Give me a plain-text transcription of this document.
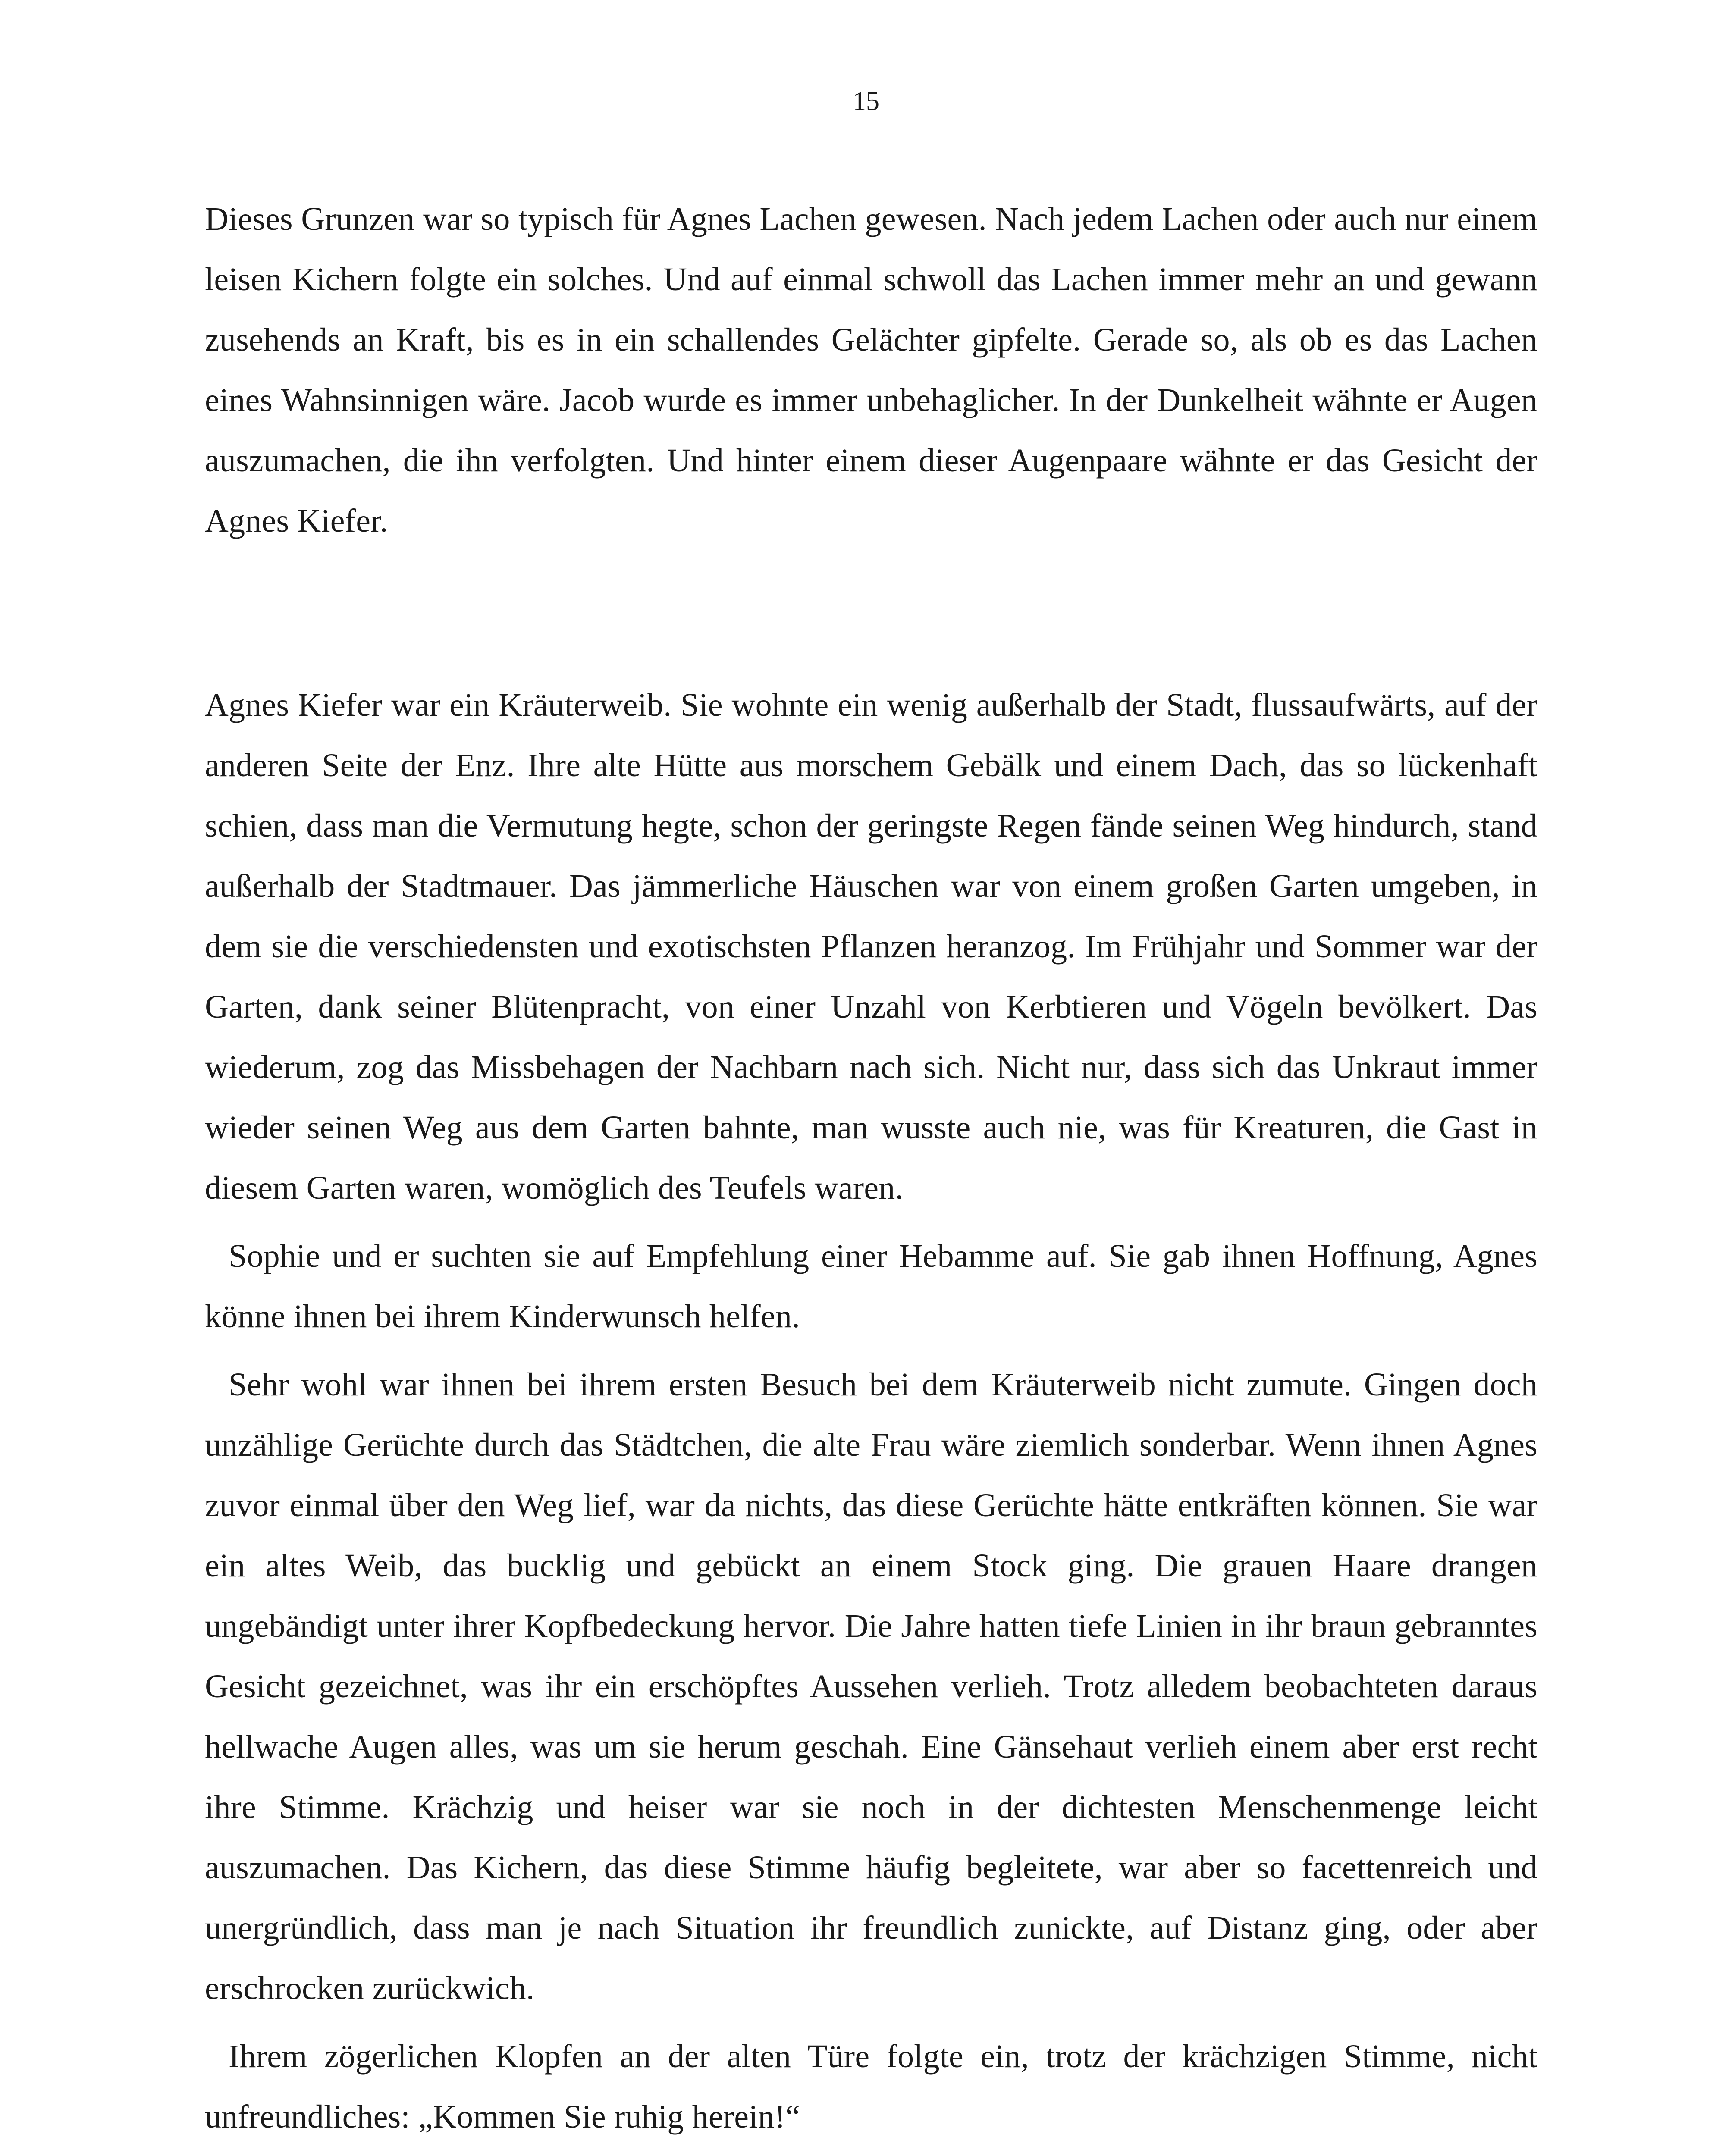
15

Dieses Grunzen war so typisch für Agnes Lachen gewesen. Nach jedem Lachen oder auch nur einem leisen Kichern folgte ein solches. Und auf einmal schwoll das Lachen immer mehr an und gewann zusehends an Kraft, bis es in ein schallendes Gelächter gipfelte. Gerade so, als ob es das Lachen eines Wahnsinnigen wäre. Jacob wurde es immer unbehaglicher. In der Dunkelheit wähnte er Augen auszumachen, die ihn verfolgten. Und hinter einem dieser Augenpaare wähnte er das Gesicht der Agnes Kiefer.

Agnes Kiefer war ein Kräuterweib. Sie wohnte ein wenig außerhalb der Stadt, flussaufwärts, auf der anderen Seite der Enz. Ihre alte Hütte aus morschem Gebälk und einem Dach, das so lückenhaft schien, dass man die Vermutung hegte, schon der geringste Regen fände seinen Weg hindurch, stand außerhalb der Stadtmauer. Das jämmerliche Häuschen war von einem großen Garten umgeben, in dem sie die verschiedensten und exotischsten Pflanzen heranzog. Im Frühjahr und Sommer war der Garten, dank seiner Blütenpracht, von einer Unzahl von Kerbtieren und Vögeln bevölkert. Das wiederum, zog das Missbehagen der Nachbarn nach sich. Nicht nur, dass sich das Unkraut immer wieder seinen Weg aus dem Garten bahnte, man wusste auch nie, was für Kreaturen, die Gast in diesem Garten waren, womöglich des Teufels waren.

Sophie und er suchten sie auf Empfehlung einer Hebamme auf. Sie gab ihnen Hoffnung, Agnes könne ihnen bei ihrem Kinderwunsch helfen.

Sehr wohl war ihnen bei ihrem ersten Besuch bei dem Kräuterweib nicht zumute. Gingen doch unzählige Gerüchte durch das Städtchen, die alte Frau wäre ziemlich sonderbar. Wenn ihnen Agnes zuvor einmal über den Weg lief, war da nichts, das diese Gerüchte hätte entkräften können. Sie war ein altes Weib, das bucklig und gebückt an einem Stock ging. Die grauen Haare drangen ungebändigt unter ihrer Kopfbedeckung hervor. Die Jahre hatten tiefe Linien in ihr braun gebranntes Gesicht gezeichnet, was ihr ein erschöpftes Aussehen verlieh. Trotz alledem beobachteten daraus hellwache Augen alles, was um sie herum geschah. Eine Gänsehaut verlieh einem aber erst recht ihre Stimme. Krächzig und heiser war sie noch in der dichtesten Menschenmenge leicht auszumachen. Das Kichern, das diese Stimme häufig begleitete, war aber so facettenreich und unergründlich, dass man je nach Situation ihr freundlich zunickte, auf Distanz ging, oder aber erschrocken zurückwich.

Ihrem zögerlichen Klopfen an der alten Türe folgte ein, trotz der krächzigen Stimme, nicht unfreundliches: „Kommen Sie ruhig herein!“
